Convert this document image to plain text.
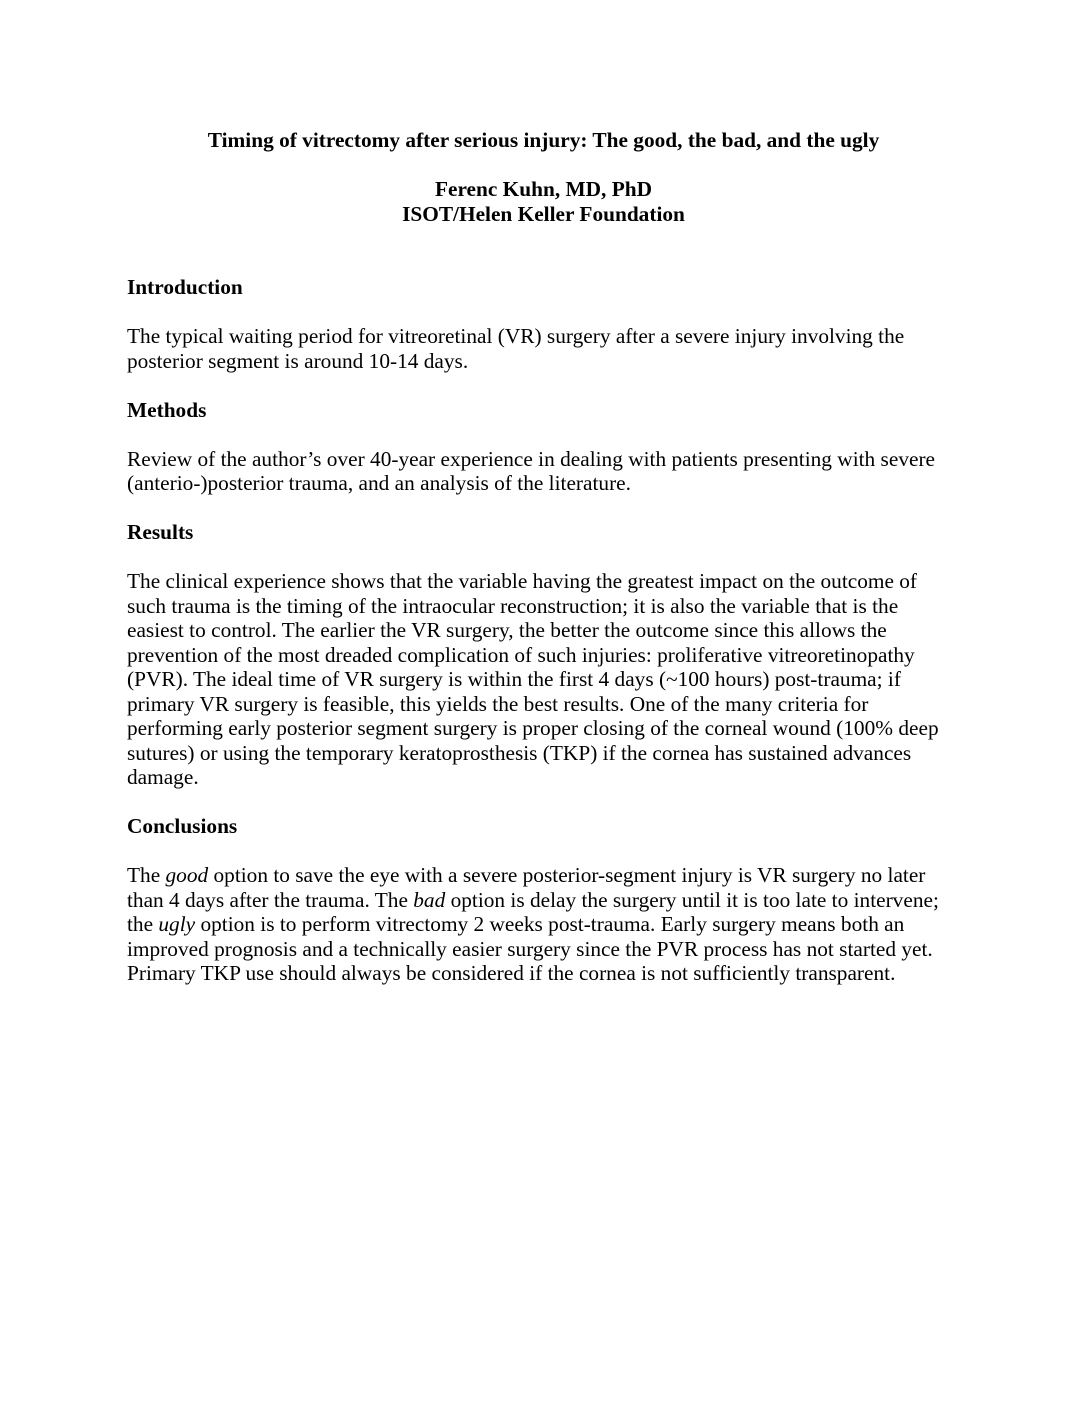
Timing of vitrectomy after serious injury: The good, the bad, and the ugly

Ferenc Kuhn, MD, PhD

ISOT/Helen Keller Foundation

Introduction

The typical waiting period for vitreoretinal (VR) surgery after a severe injury involving the posterior segment is around 10-14 days.

Methods

Review of the author’s over 40-year experience in dealing with patients presenting with severe (anterio-)posterior trauma, and an analysis of the literature.

Results

The clinical experience shows that the variable having the greatest impact on the outcome of such trauma is the timing of the intraocular reconstruction; it is also the variable that is the easiest to control. The earlier the VR surgery, the better the outcome since this allows the prevention of the most dreaded complication of such injuries: proliferative vitreoretinopathy (PVR). The ideal time of VR surgery is within the first 4 days (~100 hours) post-trauma; if primary VR surgery is feasible, this yields the best results. One of the many criteria for performing early posterior segment surgery is proper closing of the corneal wound (100% deep sutures) or using the temporary keratoprosthesis (TKP) if the cornea has sustained advances damage.

Conclusions

The good option to save the eye with a severe posterior-segment injury is VR surgery no later than 4 days after the trauma. The bad option is delay the surgery until it is too late to intervene; the ugly option is to perform vitrectomy 2 weeks post-trauma. Early surgery means both an improved prognosis and a technically easier surgery since the PVR process has not started yet. Primary TKP use should always be considered if the cornea is not sufficiently transparent.
